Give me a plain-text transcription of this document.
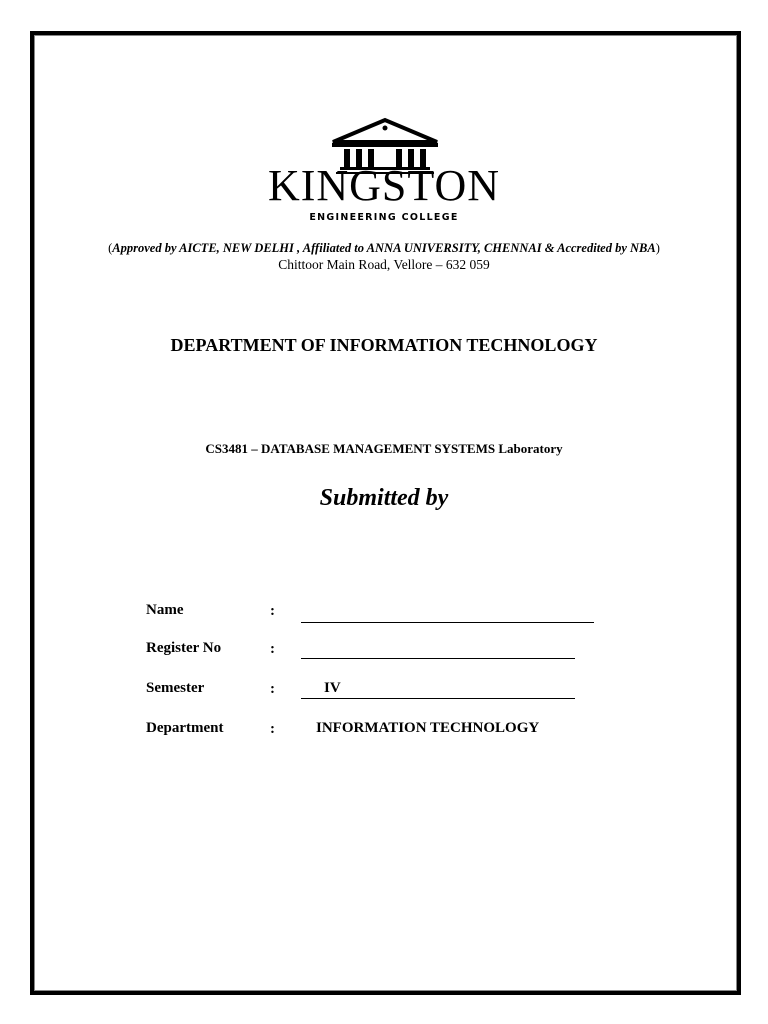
KINGSTON
ENGINEERING COLLEGE
(Approved by AICTE, NEW DELHI , Affiliated to ANNA UNIVERSITY, CHENNAI & Accredited by NBA)
Chittoor Main Road, Vellore – 632 059
DEPARTMENT OF INFORMATION TECHNOLOGY
CS3481 – DATABASE MANAGEMENT SYSTEMS Laboratory
Submitted by
Name	:
Register No	:
Semester	:	IV
Department	:	INFORMATION TECHNOLOGY
